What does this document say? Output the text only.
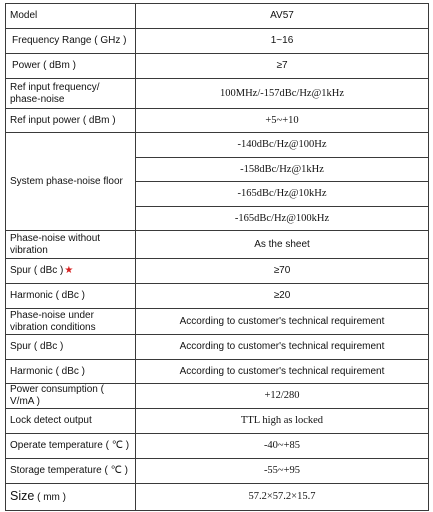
Model	AV57
Frequency Range ( GHz )	1~16
Power ( dBm )	≥7
Ref input frequency/ phase-noise	100MHz/-157dBc/Hz@1kHz
Ref input power ( dBm )	+5~+10
System phase-noise floor	-140dBc/Hz@100Hz
	-158dBc/Hz@1kHz
	-165dBc/Hz@10kHz
	-165dBc/Hz@100kHz
Phase-noise without vibration	As the sheet
Spur ( dBc )★	≥70
Harmonic ( dBc )	≥20
Phase-noise under vibration conditions	According to customer's technical requirement
Spur ( dBc )	According to customer's technical requirement
Harmonic ( dBc )	According to customer's technical requirement
Power consumption ( V/mA )	+12/280
Lock detect output	TTL high as locked
Operate temperature ( ℃ )	-40~+85
Storage temperature ( ℃ )	-55~+95
Size ( mm )	57.2×57.2×15.7
